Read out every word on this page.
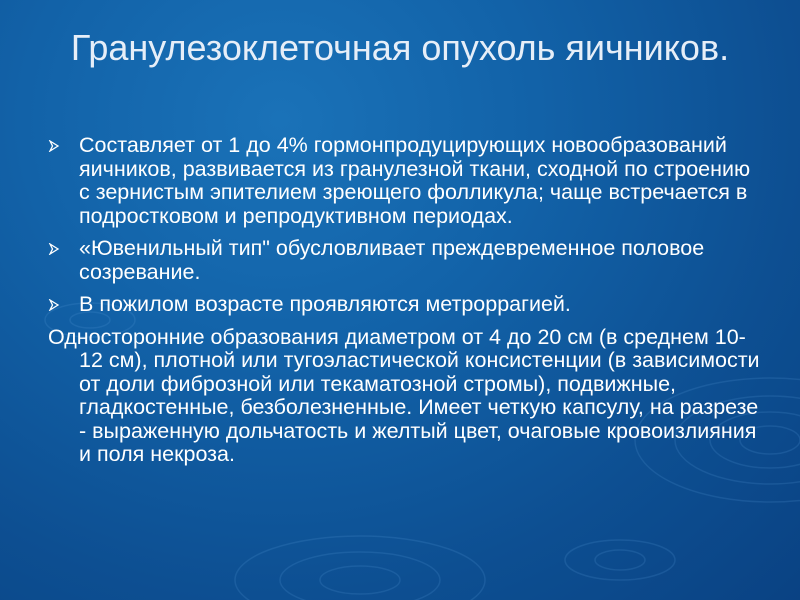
Гранулезоклеточная опухоль яичников.
Составляет от 1 до 4% гормонпродуцирующих новообразований яичников, развивается из гранулезной ткани, сходной по строению с зернистым эпителием зреющего фолликула; чаще встречается в подростковом и репродуктивном периодах.
«Ювенильный тип" обусловливает преждевременное половое созревание.
В пожилом возрасте проявляются метроррагией.

Односторонние образования диаметром от 4 до 20 см (в среднем 10-12 см), плотной или тугоэластической консистенции (в зависимости от доли фиброзной или текаматозной стромы), подвижные, гладкостенные, безболезненные. Имеет четкую капсулу, на разрезе - выраженную дольчатость и желтый цвет, очаговые кровоизлияния и поля некроза.
